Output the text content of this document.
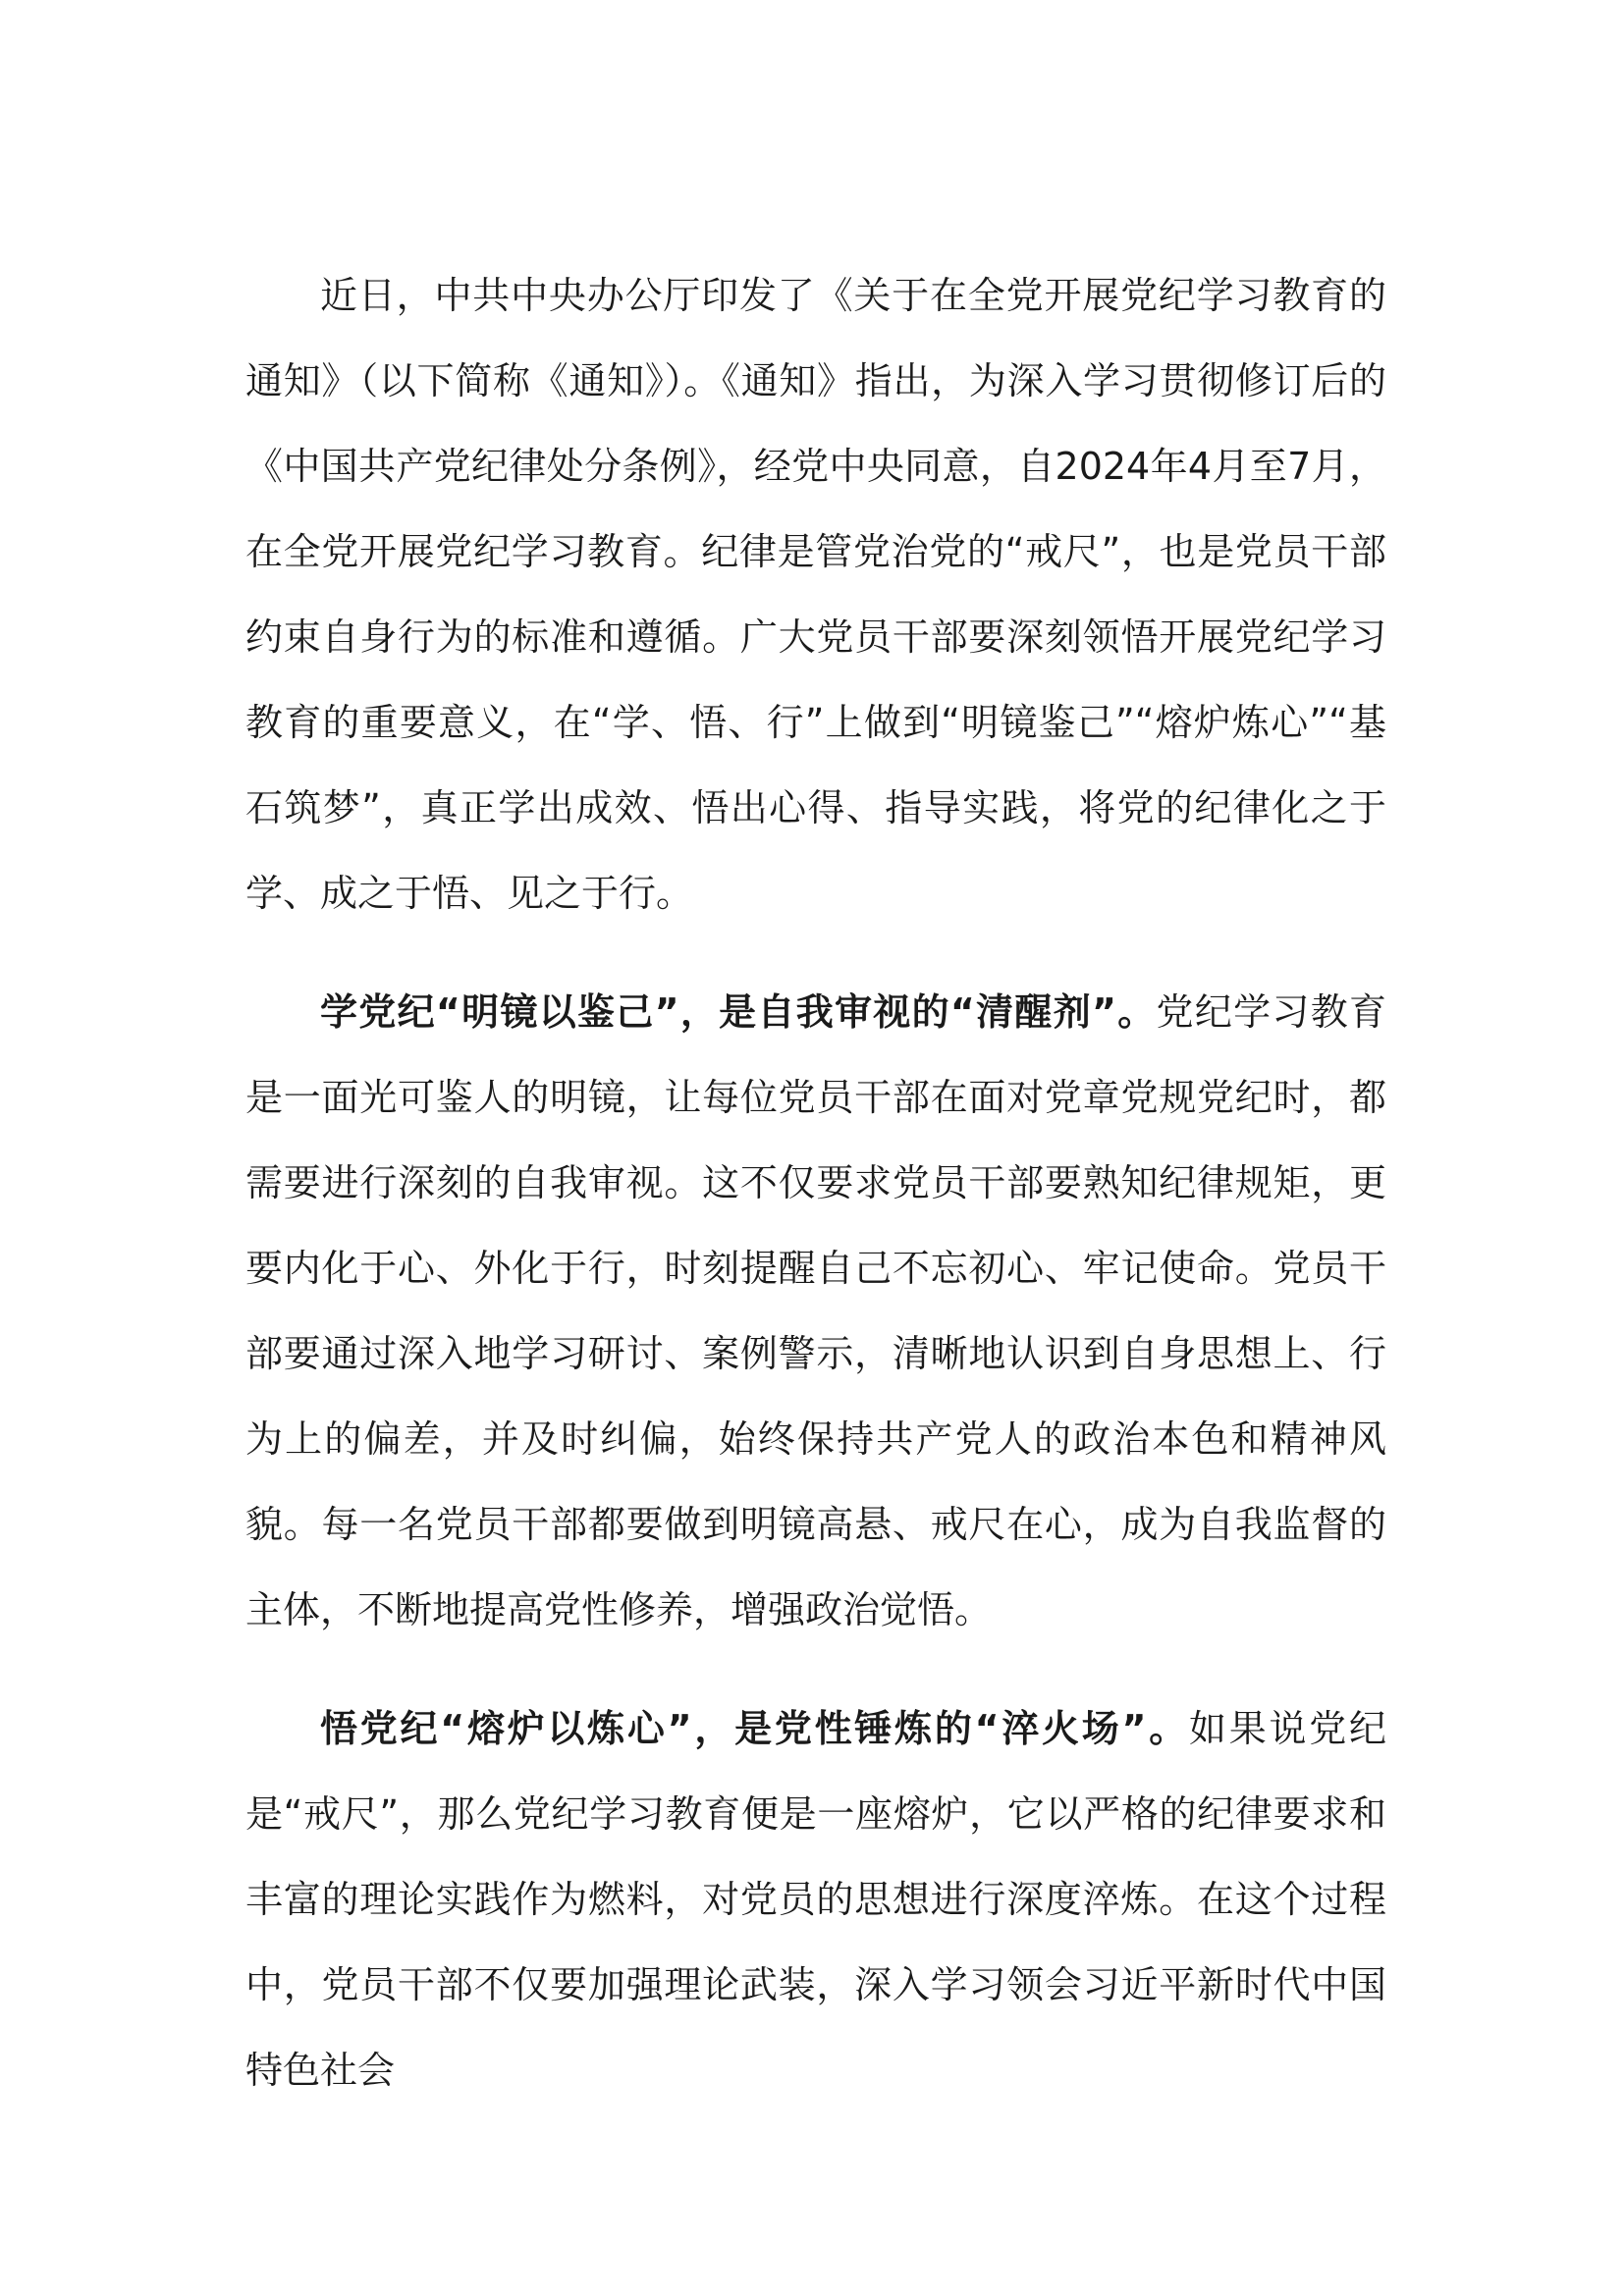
近日，中共中央办公厅印发了《关于在全党开展党纪学习教育的通知》（以下简称《通知》）。《通知》指出，为深入学习贯彻修订后的《中国共产党纪律处分条例》，经党中央同意，自2024年4月至7月，在全党开展党纪学习教育。纪律是管党治党的“戒尺”，也是党员干部约束自身行为的标准和遵循。广大党员干部要深刻领悟开展党纪学习教育的重要意义，在“学、悟、行”上做到“明镜鉴己”“熔炉炼心”“基石筑梦”，真正学出成效、悟出心得、指导实践，将党的纪律化之于学、成之于悟、见之于行。

学党纪“明镜以鉴己”，是自我审视的“清醒剂”。党纪学习教育是一面光可鉴人的明镜，让每位党员干部在面对党章党规党纪时，都需要进行深刻的自我审视。这不仅要求党员干部要熟知纪律规矩，更要内化于心、外化于行，时刻提醒自己不忘初心、牢记使命。党员干部要通过深入地学习研讨、案例警示，清晰地认识到自身思想上、行为上的偏差，并及时纠偏，始终保持共产党人的政治本色和精神风貌。每一名党员干部都要做到明镜高悬、戒尺在心，成为自我监督的主体，不断地提高党性修养，增强政治觉悟。

悟党纪“熔炉以炼心”，是党性锤炼的“淬火场”。如果说党纪是“戒尺”，那么党纪学习教育便是一座熔炉，它以严格的纪律要求和丰富的理论实践作为燃料，对党员的思想进行深度淬炼。在这个过程中，党员干部不仅要加强理论武装，深入学习领会习近平新时代中国特色社会
